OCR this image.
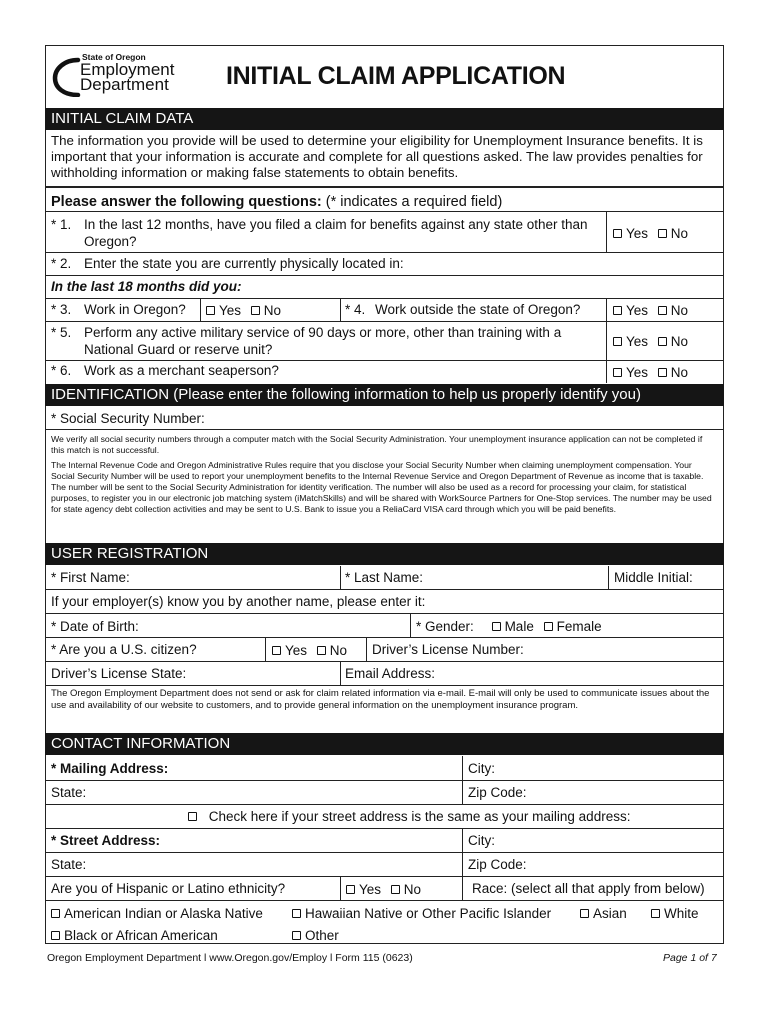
State of Oregon
Employment
Department INITIAL CLAIM APPLICATION
INITIAL CLAIM DATA
The information you provide will be used to determine your eligibility for Unemployment Insurance benefits. It is important that your information is accurate and complete for all questions asked. The law provides penalties for withholding information or making false statements to obtain benefits.
Please answer the following questions: (* indicates a required field)
* 1. In the last 12 months, have you filed a claim for benefits against any state other than
Oregon?
Yes No
* 2. Enter the state you are currently physically located in:
In the last 18 months did you:
* 3. Work in Oregon?	Yes No	* 4. Work outside the state of Oregon?	Yes No
* 5. Perform any active military service of 90 days or more, other than training with a
National Guard or reserve unit?
Yes No
* 6. Work as a merchant seaperson?	Yes No
IDENTIFICATION (Please enter the following information to help us properly identify you)
* Social Security Number:
We verify all social security numbers through a computer match with the Social Security Administration. Your unemployment insurance application can not be completed if this match is not successful.
The Internal Revenue Code and Oregon Administrative Rules require that you disclose your Social Security Number when claiming unemployment compensation. Your Social Security Number will be used to report your unemployment benefits to the Internal Revenue Service and Oregon Department of Revenue as income that is taxable. The number will be sent to the Social Security Administration for identity verification. The number will also be used as a record for processing your claim, for statistical purposes, to register you in our electronic job matching system (iMatchSkills) and will be shared with WorkSource Partners for One-Stop services. The number may be used for state agency debt collection activities and may be sent to U.S. Bank to issue you a ReliaCard VISA card through which you will be paid benefits.
USER REGISTRATION
* First Name:	* Last Name:	Middle Initial:
If your employer(s) know you by another name, please enter it:
* Date of Birth:	* Gender: Male Female
* Are you a U.S. citizen?	Yes No Driver’s License Number:
Driver’s License State:	Email Address:
The Oregon Employment Department does not send or ask for claim related information via e-mail. E-mail will only be used to communicate issues about the use and availability of our website to customers, and to provide general information on the unemployment insurance program.
CONTACT INFORMATION
* Mailing Address:	City:
State:	Zip Code:
Check here if your street address is the same as your mailing address:
* Street Address:	City:
State:	Zip Code:
Are you of Hispanic or Latino ethnicity?	Yes No	Race: (select all that apply from below)
American Indian or Alaska Native	Hawaiian Native or Other Pacific Islander	Asian	White
Black or African American	Other
Oregon Employment Department l www.Oregon.gov/Employ l Form 115 (0623)	Page 1 of 7
